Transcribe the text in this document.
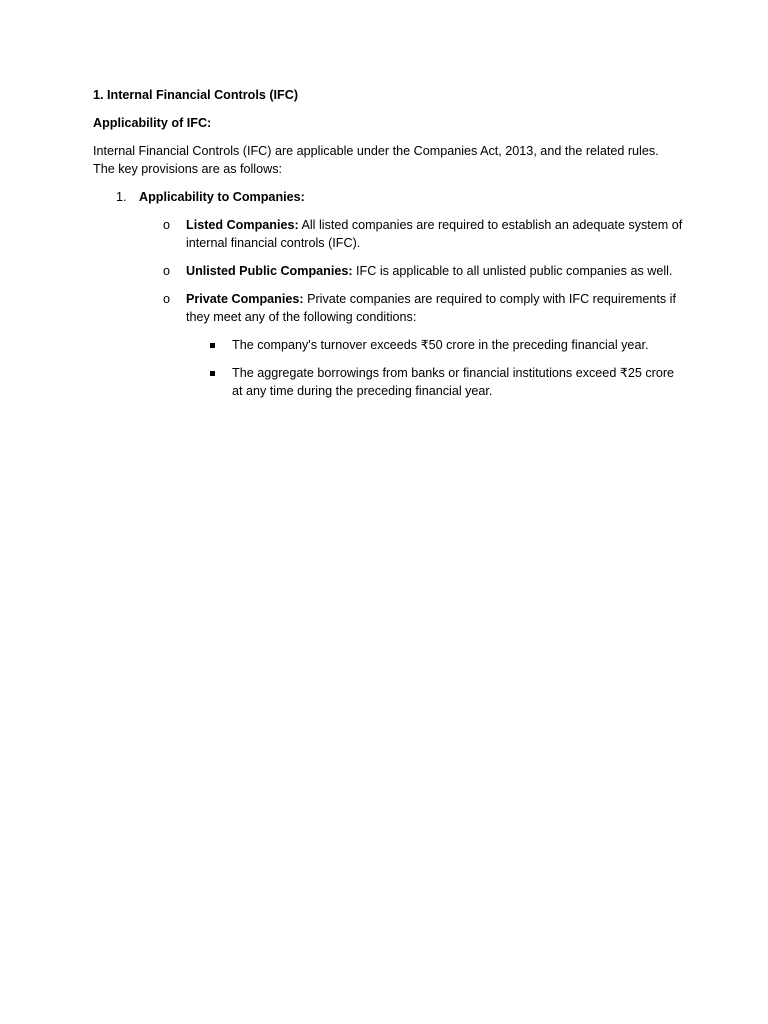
1. Internal Financial Controls (IFC)
Applicability of IFC:
Internal Financial Controls (IFC) are applicable under the Companies Act, 2013, and the related rules. The key provisions are as follows:
1. Applicability to Companies:
o Listed Companies: All listed companies are required to establish an adequate system of internal financial controls (IFC).
o Unlisted Public Companies: IFC is applicable to all unlisted public companies as well.
o Private Companies: Private companies are required to comply with IFC requirements if they meet any of the following conditions:
The company's turnover exceeds ₹50 crore in the preceding financial year.
The aggregate borrowings from banks or financial institutions exceed ₹25 crore at any time during the preceding financial year.
